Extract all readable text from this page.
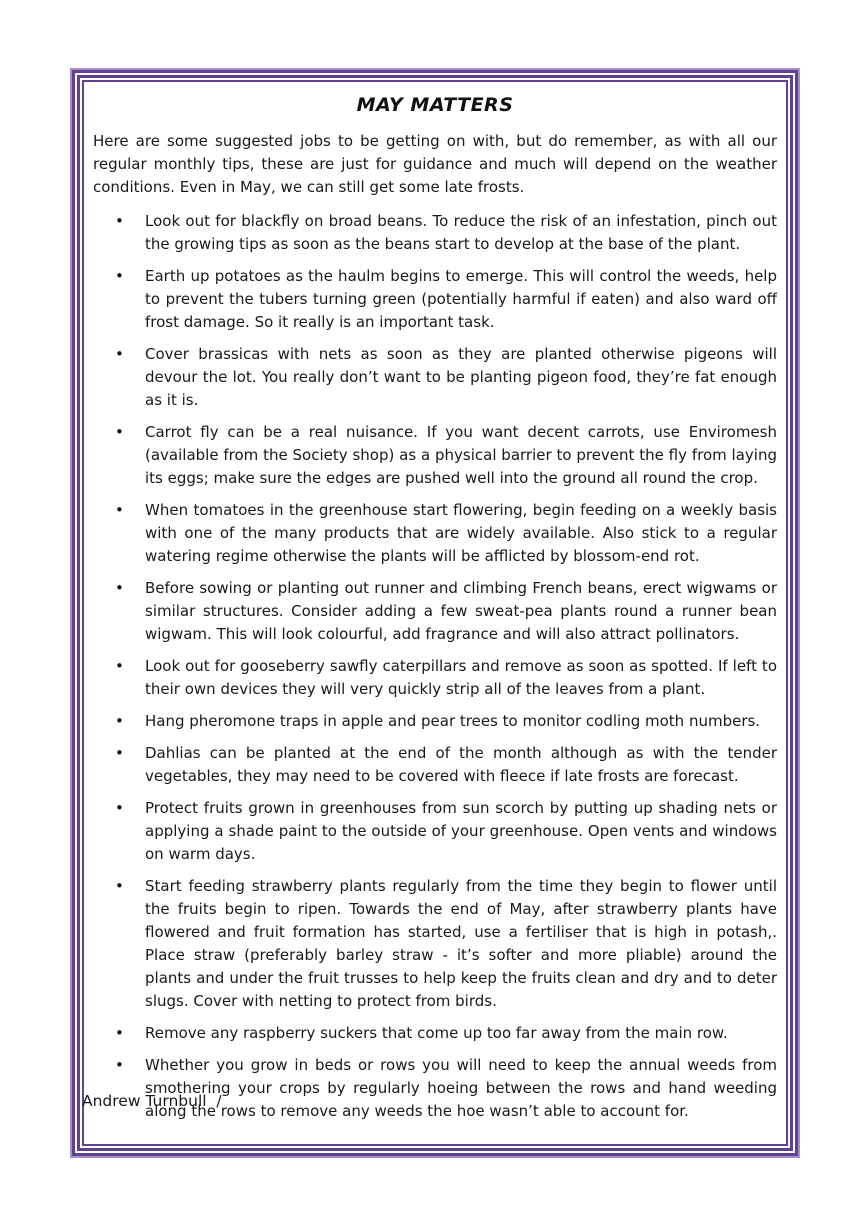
MAY MATTERS

Here are some suggested jobs to be getting on with, but do remember, as with all our regular monthly tips, these are just for guidance and much will depend on the weather conditions. Even in May, we can still get some late frosts.

• Look out for blackfly on broad beans. To reduce the risk of an infestation, pinch out the growing tips as soon as the beans start to develop at the base of the plant.
• Earth up potatoes as the haulm begins to emerge. This will control the weeds, help to prevent the tubers turning green (potentially harmful if eaten) and also ward off frost damage. So it really is an important task.
• Cover brassicas with nets as soon as they are planted otherwise pigeons will devour the lot. You really don’t want to be planting pigeon food, they’re fat enough as it is.
• Carrot fly can be a real nuisance. If you want decent carrots, use Enviromesh (available from the Society shop) as a physical barrier to prevent the fly from laying its eggs; make sure the edges are pushed well into the ground all round the crop.
• When tomatoes in the greenhouse start flowering, begin feeding on a weekly basis with one of the many products that are widely available. Also stick to a regular watering regime otherwise the plants will be afflicted by blossom-end rot.
• Before sowing or planting out runner and climbing French beans, erect wigwams or similar structures. Consider adding a few sweat-pea plants round a runner bean wigwam. This will look colourful, add fragrance and will also attract pollinators.
• Look out for gooseberry sawfly caterpillars and remove as soon as spotted. If left to their own devices they will very quickly strip all of the leaves from a plant.
• Hang pheromone traps in apple and pear trees to monitor codling moth numbers.
• Dahlias can be planted at the end of the month although as with the tender vegetables, they may need to be covered with fleece if late frosts are forecast.
• Protect fruits grown in greenhouses from sun scorch by putting up shading nets or applying a shade paint to the outside of your greenhouse. Open vents and windows on warm days.
• Start feeding strawberry plants regularly from the time they begin to flower until the fruits begin to ripen. Towards the end of May, after strawberry plants have flowered and fruit formation has started, use a fertiliser that is high in potash,. Place straw (preferably barley straw - it’s softer and more pliable) around the plants and under the fruit trusses to help keep the fruits clean and dry and to deter slugs. Cover with netting to protect from birds.
• Remove any raspberry suckers that come up too far away from the main row.
• Whether you grow in beds or rows you will need to keep the annual weeds from smothering your crops by regularly hoeing between the rows and hand weeding along the rows to remove any weeds the hoe wasn’t able to account for.
Andrew Turnbull  /
